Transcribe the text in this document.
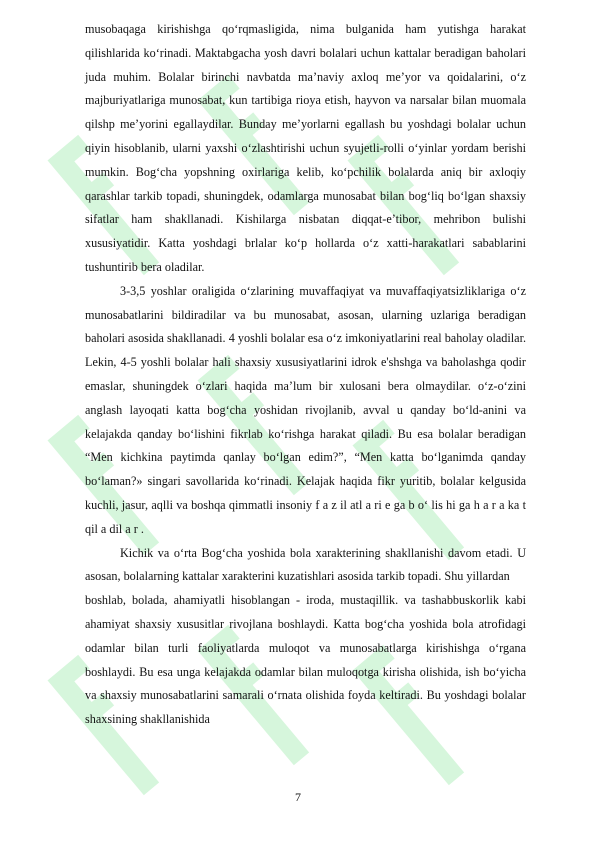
musobaqaga kirishishga qo‘rqmasligida, nima bulganida ham yutishga harakat qilishlarida ko‘rinadi. Maktabgacha yosh davri bolalari uchun kattalar beradigan baholari juda muhim. Bolalar birinchi navbatda ma’naviy axloq me’yor va qoidalarini, o‘z majburiyatlariga munosabat, kun tartibiga rioya etish, hayvon va narsalar bilan muomala qilshp me’yorini egallaydilar. Bunday me’yorlarni egallash bu yoshdagi bolalar uchun qiyin hisoblanib, ularni yaxshi o‘zlashtirishi uchun syujetli-rolli o‘yinlar yordam berishi mumkin. Bog‘cha yopshning oxirlariga kelib, ko‘pchilik bolalarda aniq bir axloqiy qarashlar tarkib topadi, shuningdek, odamlarga munosabat bilan bog‘liq bo‘lgan shaxsiy sifatlar ham shakllanadi. Kishilarga nisbatan diqqat-e’tibor, mehribon bulishi xususiyatidir. Katta yoshdagi brlalar ko‘p hollarda o‘z xatti-harakatlari sabablarini tushuntirib bera oladilar.

3-3,5 yoshlar oraligida o‘zlarining muvaffaqiyat va muvaffaqiyatsizliklariga o‘z munosabatlarini bildiradilar va bu munosabat, asosan, ularning uzlariga beradigan baholari asosida shakllanadi. 4 yoshli bolalar esa o‘z imkoniyatlarini real baholay oladilar. Lekin, 4-5 yoshli bolalar hali shaxsiy xususiyatlarini idrok e'shshga va baholashga qodir emaslar, shuningdek o‘zlari haqida ma’lum bir xulosani bera olmaydilar. o‘z-o‘zini anglash layoqati katta bog‘cha yoshidan rivojlanib, avval u qanday bo‘ld-anini va kelajakda qanday bo‘lishini fikrlab ko‘rishga harakat qiladi. Bu esa bolalar beradigan “Men kichkina paytimda qanlay bo‘lgan edim?”, “Men katta bo‘lganimda qanday bo‘laman?» singari savollarida ko‘rinadi. Kelajak haqida fikr yuritib, bolalar kelgusida kuchli, jasur, aqlli va boshqa qimmatli insoniy f a z il atl a ri e ga b o‘ lis hi ga h a r a ka t qil a dil a r .

Kichik va o‘rta Bog‘cha yoshida bola xarakterining shakllanishi davom etadi. U asosan, bolalarning kattalar xarakterini kuzatishlari asosida tarkib topadi. Shu yillardan

boshlab, bolada, ahamiyatli hisoblangan - iroda, mustaqillik. va tashabbuskorlik kabi ahamiyat shaxsiy xususitlar rivojlana boshlaydi. Katta bog‘cha yoshida bola atrofidagi odamlar bilan turli faoliyatlarda muloqot va munosabatlarga kirishishga o‘rgana boshlaydi. Bu esa unga kelajakda odamlar bilan muloqotga kirisha olishida, ish bo‘yicha va shaxsiy munosabatlarini samarali o‘rnata olishida foyda keltiradi. Bu yoshdagi bolalar shaxsining shakllanishida

7
